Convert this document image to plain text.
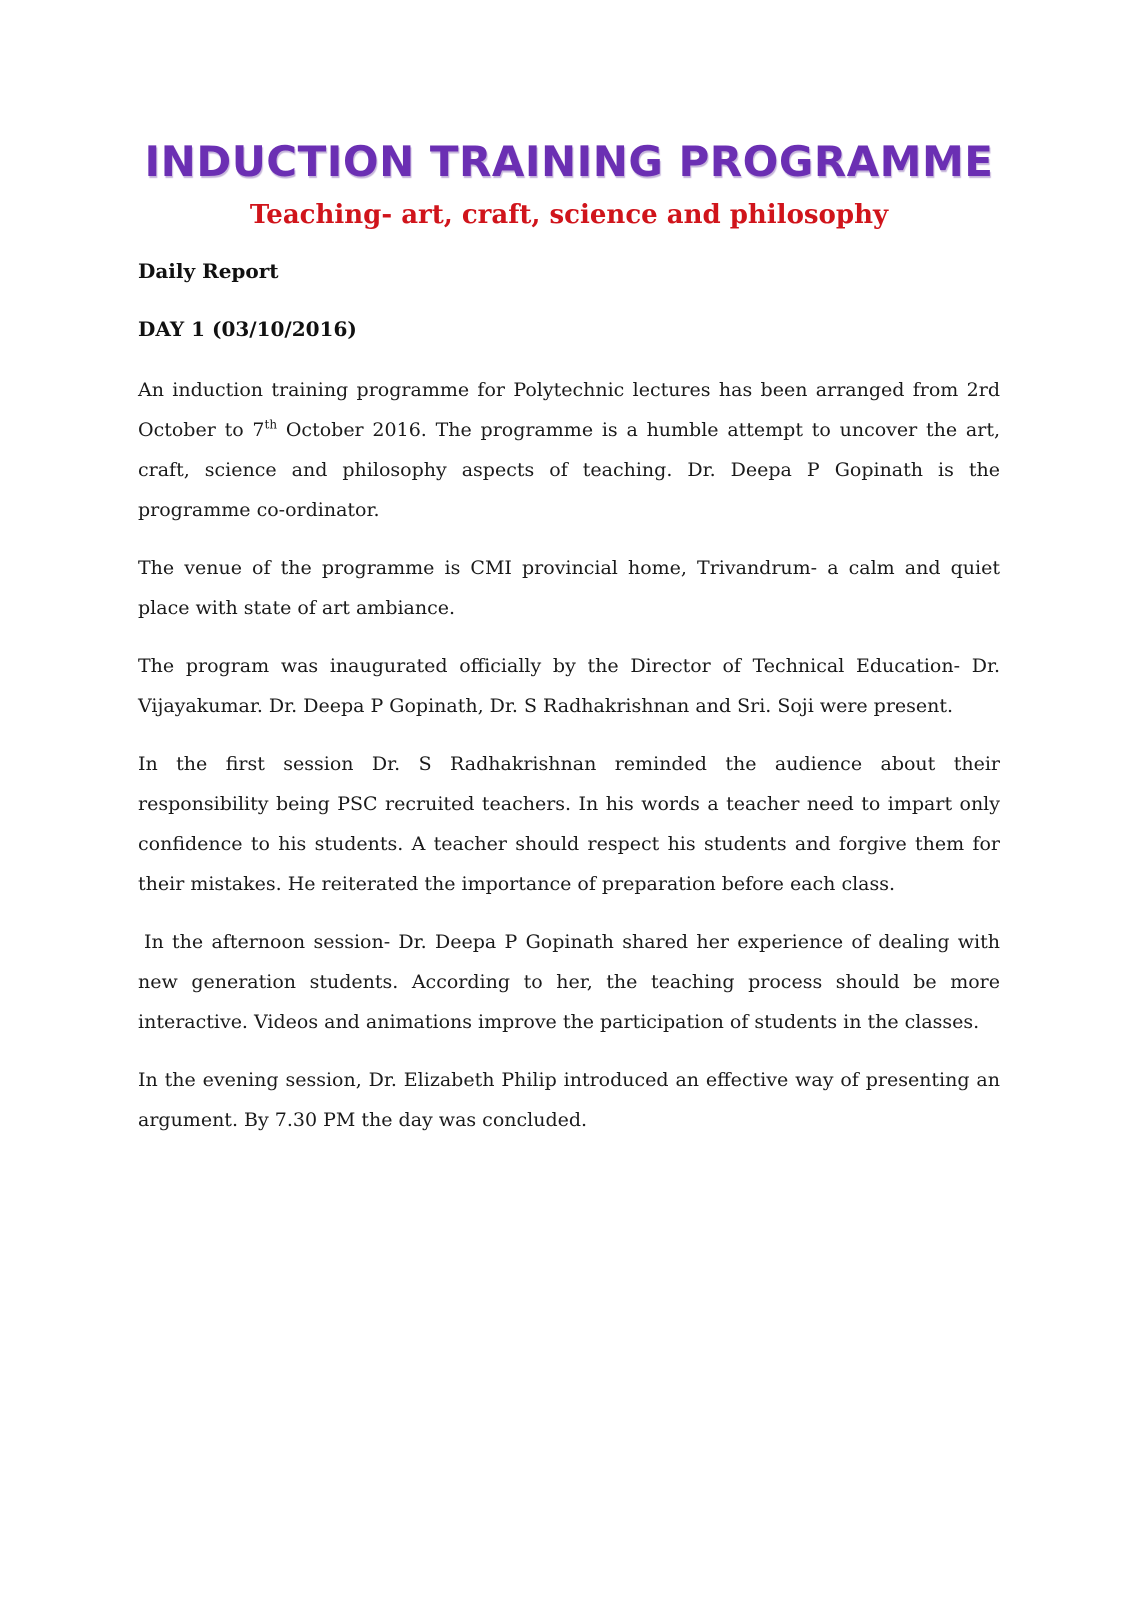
INDUCTION TRAINING PROGRAMME
Teaching- art, craft, science and philosophy

Daily Report

DAY 1 (03/10/2016)

An induction training programme for Polytechnic lectures has been arranged from 2rd October to 7th October 2016. The programme is a humble attempt to uncover the art, craft, science and philosophy aspects of teaching. Dr. Deepa P Gopinath is the programme co-ordinator.

The venue of the programme is CMI provincial home, Trivandrum- a calm and quiet place with state of art ambiance.

The program was inaugurated officially by the Director of Technical Education- Dr. Vijayakumar. Dr. Deepa P Gopinath, Dr. S Radhakrishnan and Sri. Soji were present.

In the first session Dr. S Radhakrishnan reminded the audience about their responsibility being PSC recruited teachers. In his words a teacher need to impart only confidence to his students. A teacher should respect his students and forgive them for their mistakes. He reiterated the importance of preparation before each class.

In the afternoon session- Dr. Deepa P Gopinath shared her experience of dealing with new generation students. According to her, the teaching process should be more interactive. Videos and animations improve the participation of students in the classes.

In the evening session, Dr. Elizabeth Philip introduced an effective way of presenting an argument. By 7.30 PM the day was concluded.
